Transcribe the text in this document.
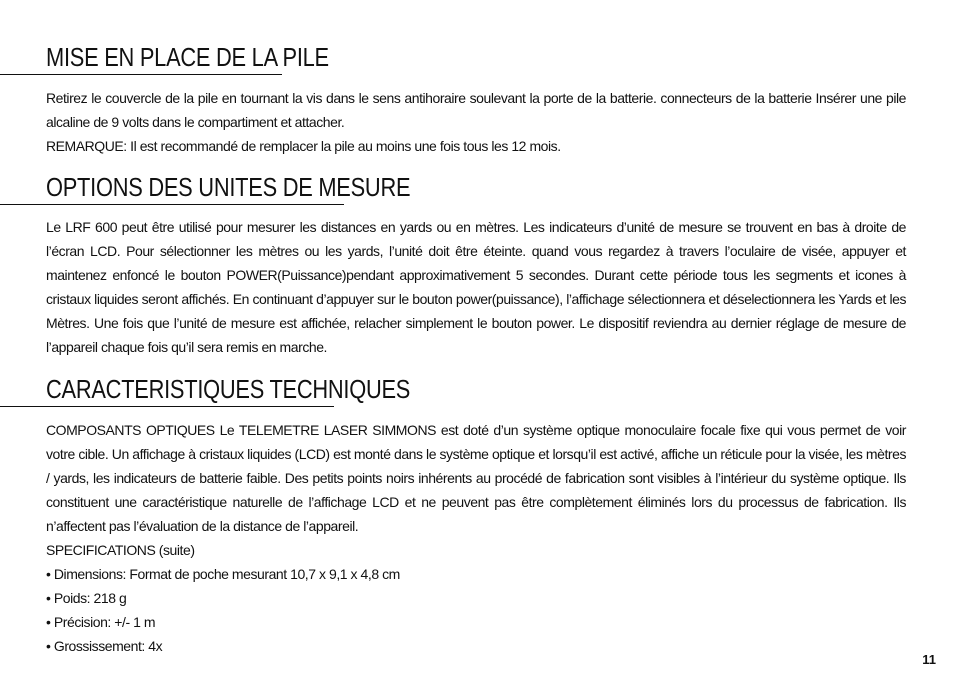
MISE EN PLACE DE LA PILE

Retirez le couvercle de la pile en tournant la vis dans le sens antihoraire soulevant la porte de la batterie. connecteurs de la batterie Insérer une pile alcaline de 9 volts dans le compartiment et attacher.

REMARQUE: Il est recommandé de remplacer la pile au moins une fois tous les 12 mois.

OPTIONS DES UNITES DE MESURE

Le LRF 600 peut être utilisé pour mesurer les distances en yards ou en mètres. Les indicateurs d’unité de mesure se trouvent en bas à droite de l’écran LCD. Pour sélectionner les mètres ou les yards, l’unité doit être éteinte. quand vous regardez à travers l’oculaire de visée, appuyer et maintenez enfoncé le bouton POWER(Puissance)pendant approximativement 5 secondes. Durant cette période tous les segments et icones à cristaux liquides seront affichés. En continuant d’appuyer sur le bouton power(puissance), l’affichage sélectionnera et déselectionnera les Yards et les Mètres. Une fois que l’unité de mesure est affichée, relacher simplement le bouton power. Le dispositif reviendra au dernier réglage de mesure de l’appareil chaque fois qu’il sera remis en marche.

CARACTERISTIQUES TECHNIQUES

COMPOSANTS OPTIQUES Le TELEMETRE LASER SIMMONS est doté d’un système optique monoculaire focale fixe qui vous permet de voir votre cible. Un affichage à cristaux liquides (LCD) est monté dans le système optique et lorsqu’il est activé, affiche un réticule pour la visée, les mètres / yards, les indicateurs de batterie faible. Des petits points noirs inhérents au procédé de fabrication sont visibles à l’intérieur du système optique. Ils constituent une caractéristique naturelle de l’affichage LCD et ne peuvent pas être complètement éliminés lors du processus de fabrication. Ils n’affectent pas l’évaluation de la distance de l’appareil.

SPECIFICATIONS (suite)

• Dimensions: Format de poche mesurant 10,7 x 9,1 x 4,8 cm

• Poids: 218 g

• Précision: +/- 1 m

• Grossissement: 4x

11
